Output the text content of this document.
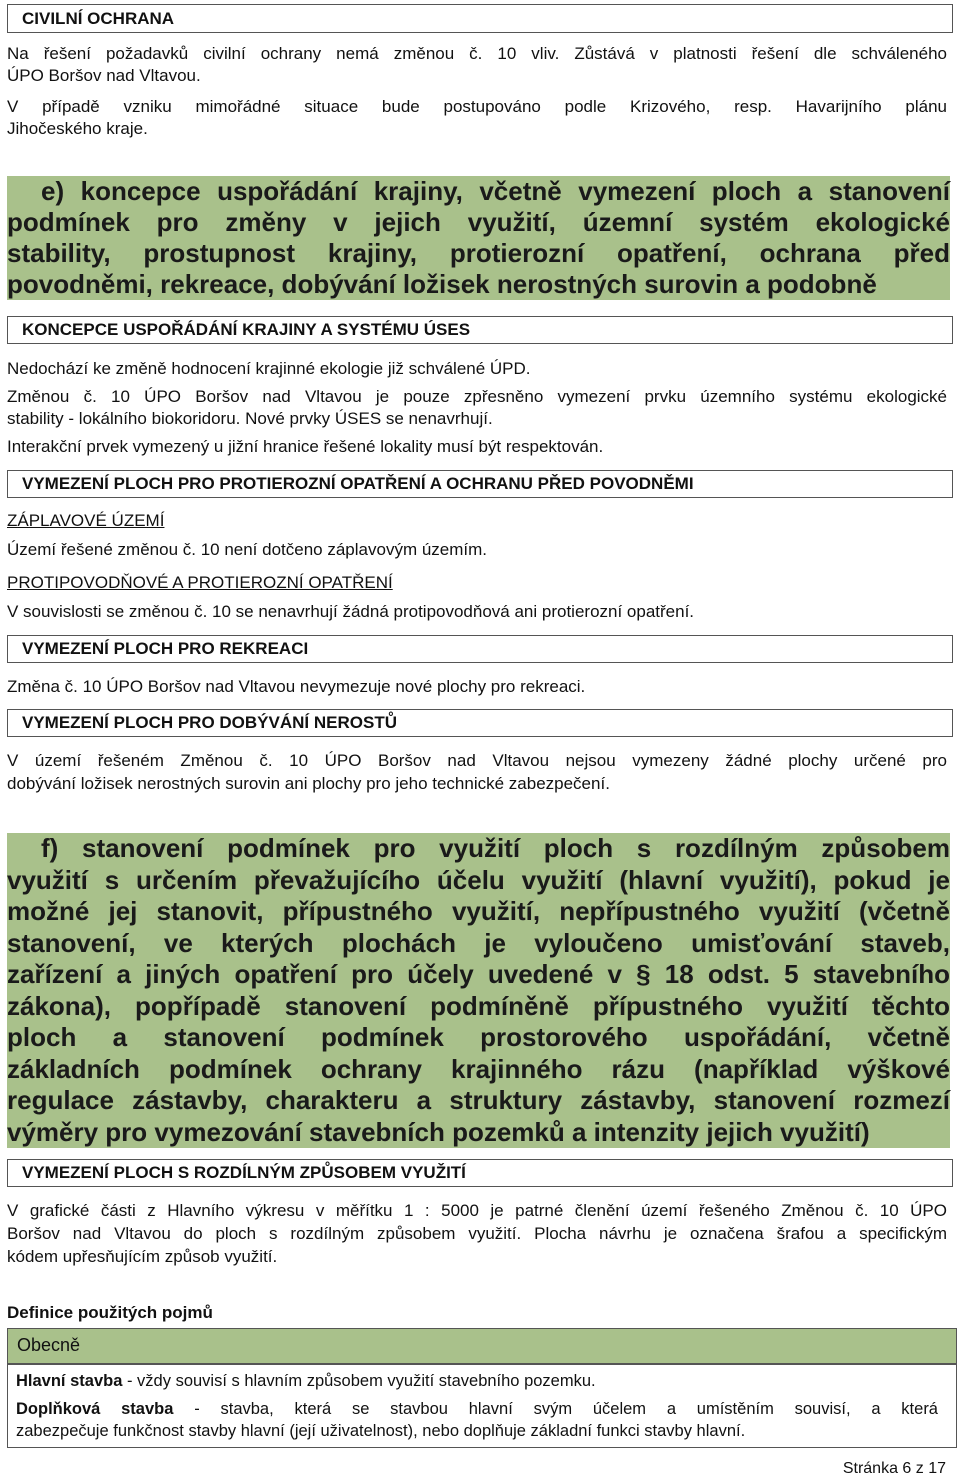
CIVILNÍ OCHRANA

Na řešení požadavků civilní ochrany nemá změnou č. 10 vliv. Zůstává v platnosti řešení dle schváleného

ÚPO Boršov nad Vltavou.

V případě vzniku mimořádné situace bude postupováno podle Krizového, resp. Havarijního plánu

Jihočeského kraje.

e) koncepce uspořádání krajiny, včetně vymezení ploch a stanovení
podmínek pro změny v jejich využití, územní systém ekologické
stability, prostupnost krajiny, protierozní opatření, ochrana před
povodněmi, rekreace, dobývání ložisek nerostných surovin a podobně
KONCEPCE USPOŘÁDÁNÍ KRAJINY A SYSTÉMU ÚSES

Nedochází ke změně hodnocení krajinné ekologie již schválené ÚPD.

Změnou č. 10 ÚPO Boršov nad Vltavou je pouze zpřesněno vymezení prvku územního systému ekologické

stability - lokálního biokoridoru. Nové prvky ÚSES se nenavrhují.

Interakční prvek vymezený u jižní hranice řešené lokality musí být respektován.

VYMEZENÍ PLOCH PRO PROTIEROZNÍ OPATŘENÍ A OCHRANU PŘED POVODNĚMI

ZÁPLAVOVÉ ÚZEMÍ

Území řešené změnou č. 10 není dotčeno záplavovým územím.

PROTIPOVODŇOVÉ A PROTIEROZNÍ OPATŘENÍ

V souvislosti se změnou č. 10 se nenavrhují žádná protipovodňová ani protierozní opatření.

VYMEZENÍ PLOCH PRO REKREACI

Změna č. 10 ÚPO Boršov nad Vltavou nevymezuje nové plochy pro rekreaci.

VYMEZENÍ PLOCH PRO DOBÝVÁNÍ NEROSTŮ

V území řešeném Změnou č. 10 ÚPO Boršov nad Vltavou nejsou vymezeny žádné plochy určené pro

dobývání ložisek nerostných surovin ani plochy pro jeho technické zabezpečení.

f) stanovení podmínek pro využití ploch s rozdílným způsobem
využití s určením převažujícího účelu využití (hlavní využití), pokud je
možné jej stanovit, přípustného využití, nepřípustného využití (včetně
stanovení, ve kterých plochách je vyloučeno umisťování staveb,
zařízení a jiných opatření pro účely uvedené v § 18 odst. 5 stavebního
zákona), popřípadě stanovení podmíněně přípustného využití těchto
ploch a stanovení podmínek prostorového uspořádání, včetně
základních podmínek ochrany krajinného rázu (například výškové
regulace zástavby, charakteru a struktury zástavby, stanovení rozmezí
výměry pro vymezování stavebních pozemků a intenzity jejich využití)
VYMEZENÍ PLOCH S ROZDÍLNÝM ZPŮSOBEM VYUŽITÍ

V grafické části z Hlavního výkresu v měřítku 1 : 5000 je patrné členění území řešeného Změnou č. 10 ÚPO

Boršov nad Vltavou do ploch s rozdílným způsobem využití. Plocha návrhu je označena šrafou a specifickým

kódem upřesňujícím způsob využití.

Definice použitých pojmů

Obecně

Hlavní stavba - vždy souvisí s hlavním způsobem využití stavebního pozemku.

Doplňková stavba - stavba, která se stavbou hlavní svým účelem a umístěním souvisí, a která

zabezpečuje funkčnost stavby hlavní (její uživatelnost), nebo doplňuje základní funkci stavby hlavní.

Stránka 6 z 17
